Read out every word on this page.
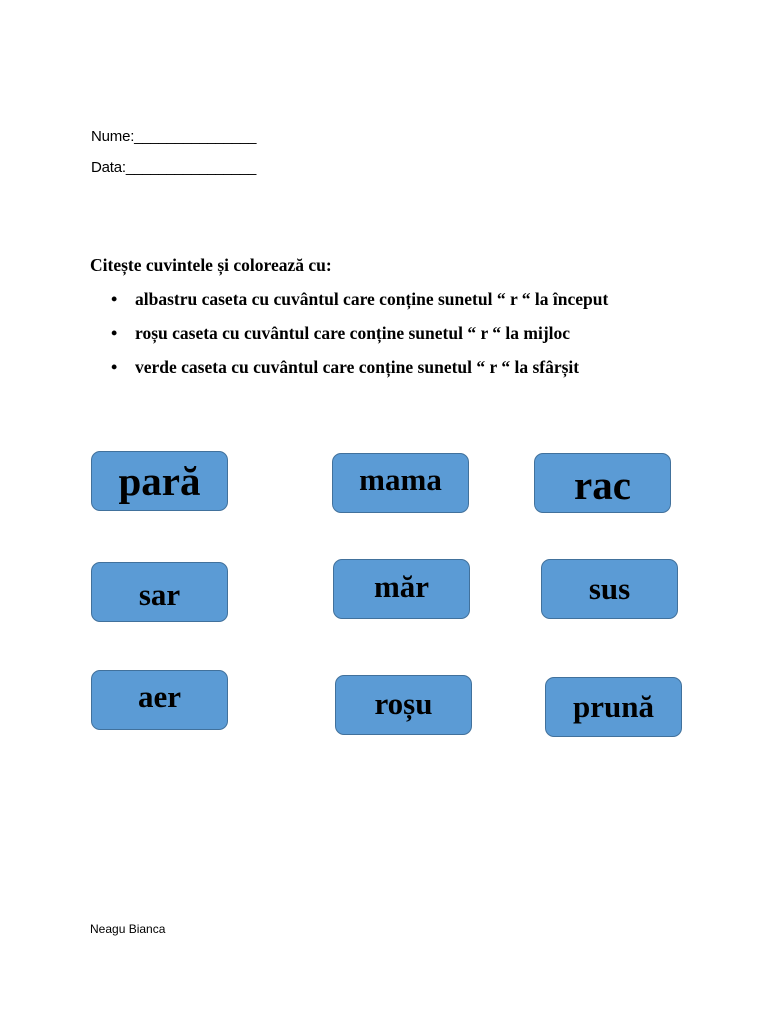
Nume:_______________
Data:________________

Citește cuvintele și colorează cu:

• albastru caseta cu cuvântul care conține sunetul “ r “ la început
• roșu caseta cu cuvântul care conține sunetul “ r “ la mijloc
• verde caseta cu cuvântul care conține sunetul “ r “ la sfârșit
pară	mama	rac
sar	măr	sus
aer	roșu	prună
Neagu Bianca
